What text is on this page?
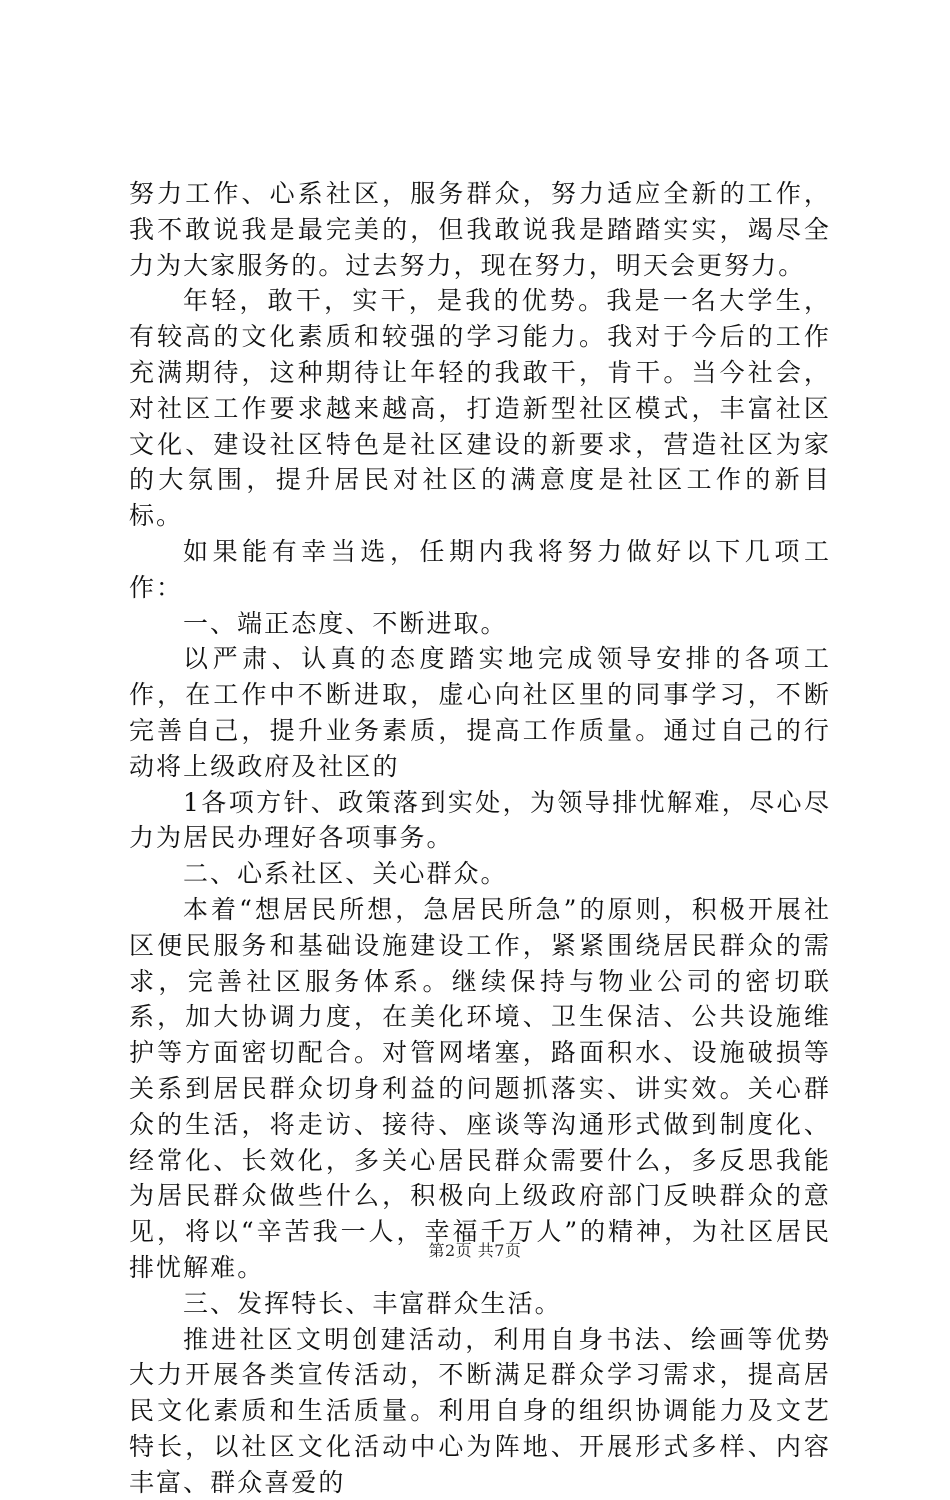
努力工作、心系社区，服务群众，努力适应全新的工作，我不敢说我是最完美的，但我敢说我是踏踏实实，竭尽全力为大家服务的。过去努力，现在努力，明天会更努力。

年轻，敢干，实干，是我的优势。我是一名大学生，有较高的文化素质和较强的学习能力。我对于今后的工作充满期待，这种期待让年轻的我敢干，肯干。当今社会，对社区工作要求越来越高，打造新型社区模式，丰富社区文化、建设社区特色是社区建设的新要求，营造社区为家的大氛围，提升居民对社区的满意度是社区工作的新目标。

如果能有幸当选，任期内我将努力做好以下几项工作：

一、端正态度、不断进取。

以严肃、认真的态度踏实地完成领导安排的各项工作，在工作中不断进取，虚心向社区里的同事学习，不断完善自己，提升业务素质，提高工作质量。通过自己的行动将上级政府及社区的

1各项方针、政策落到实处，为领导排忧解难，尽心尽力为居民办理好各项事务。

二、心系社区、关心群众。

本着“想居民所想，急居民所急”的原则，积极开展社区便民服务和基础设施建设工作，紧紧围绕居民群众的需求，完善社区服务体系。继续保持与物业公司的密切联系，加大协调力度，在美化环境、卫生保洁、公共设施维护等方面密切配合。对管网堵塞，路面积水、设施破损等关系到居民群众切身利益的问题抓落实、讲实效。关心群众的生活，将走访、接待、座谈等沟通形式做到制度化、经常化、长效化，多关心居民群众需要什么，多反思我能为居民群众做些什么，积极向上级政府部门反映群众的意见，将以“辛苦我一人，幸福千万人”的精神，为社区居民排忧解难。

三、发挥特长、丰富群众生活。

推进社区文明创建活动，利用自身书法、绘画等优势大力开展各类宣传活动，不断满足群众学习需求，提高居民文化素质和生活质量。利用自身的组织协调能力及文艺特长，以社区文化活动中心为阵地、开展形式多样、内容丰富、群众喜爱的

第2页 共7页
